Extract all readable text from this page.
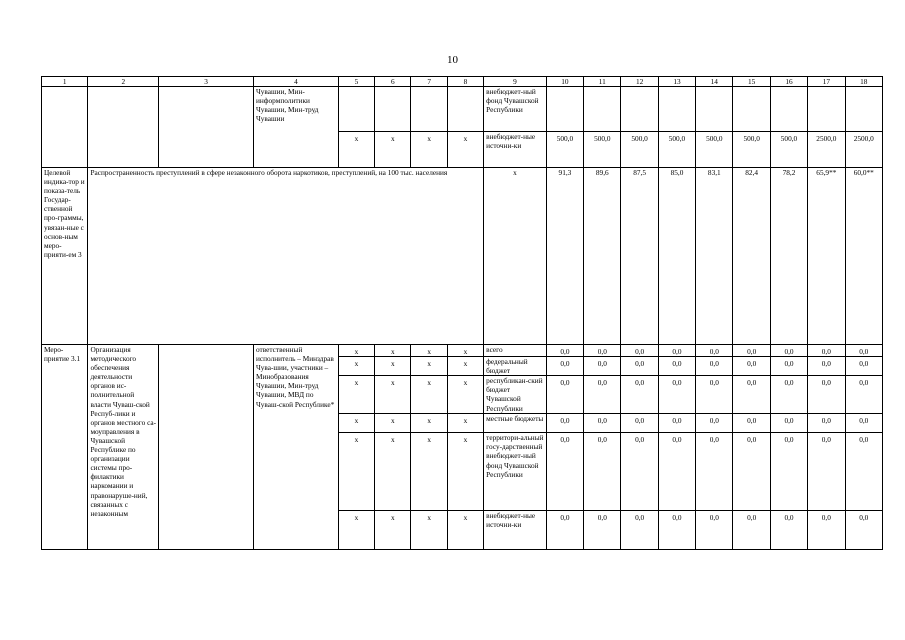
10
1	2	3	4	5	6	7	8	9	10	11	12	13	14	15	16	17	18
			Чувашии, Мин-информполитики Чувашии, Мин-труд Чувашии					внебюджет-ный фонд Чувашской Республики									
				x	x	x	x	внебюджет-ные источни-ки	500,0	500,0	500,0	500,0	500,0	500,0	500,0	2500,0	2500,0
Целевой индика-тор и показа-тель Государ-ственной про-граммы, увязан-ные с основ-ным меро-прияти-ем 3	Распространенность преступлений в сфере незаконного оборота наркотиков, преступлений, на 100 тыс. населения							x	91,3	89,6	87,5	85,0	83,1	82,4	78,2	65,9**	60,0**
Меро-приятие 3.1	Организация методического обеспечения деятельности органов ис-полнительной власти Чуваш-ской Респуб-лики и органов местного са-моуправления в Чувашской Республике по организации системы про-филактики наркомании и правонаруше-ний, связанных с незаконным		ответственный исполнитель – Минздрав Чува-шии, участники – Минобразования Чувашии, Мин-труд Чувашии, МВД по Чуваш-ской Республике*	x	x	x	x	всего	0,0	0,0	0,0	0,0	0,0	0,0	0,0	0,0	0,0
				x	x	x	x	федеральный бюджет	0,0	0,0	0,0	0,0	0,0	0,0	0,0	0,0	0,0
				x	x	x	x	республикан-ский бюджет Чувашской Республики	0,0	0,0	0,0	0,0	0,0	0,0	0,0	0,0	0,0
				x	x	x	x	местные бюджеты	0,0	0,0	0,0	0,0	0,0	0,0	0,0	0,0	0,0
				x	x	x	x	территори-альный госу-дарственный внебюджет-ный фонд Чувашской Республики	0,0	0,0	0,0	0,0	0,0	0,0	0,0	0,0	0,0
				x	x	x	x	внебюджет-ные источни-ки	0,0	0,0	0,0	0,0	0,0	0,0	0,0	0,0	0,0
